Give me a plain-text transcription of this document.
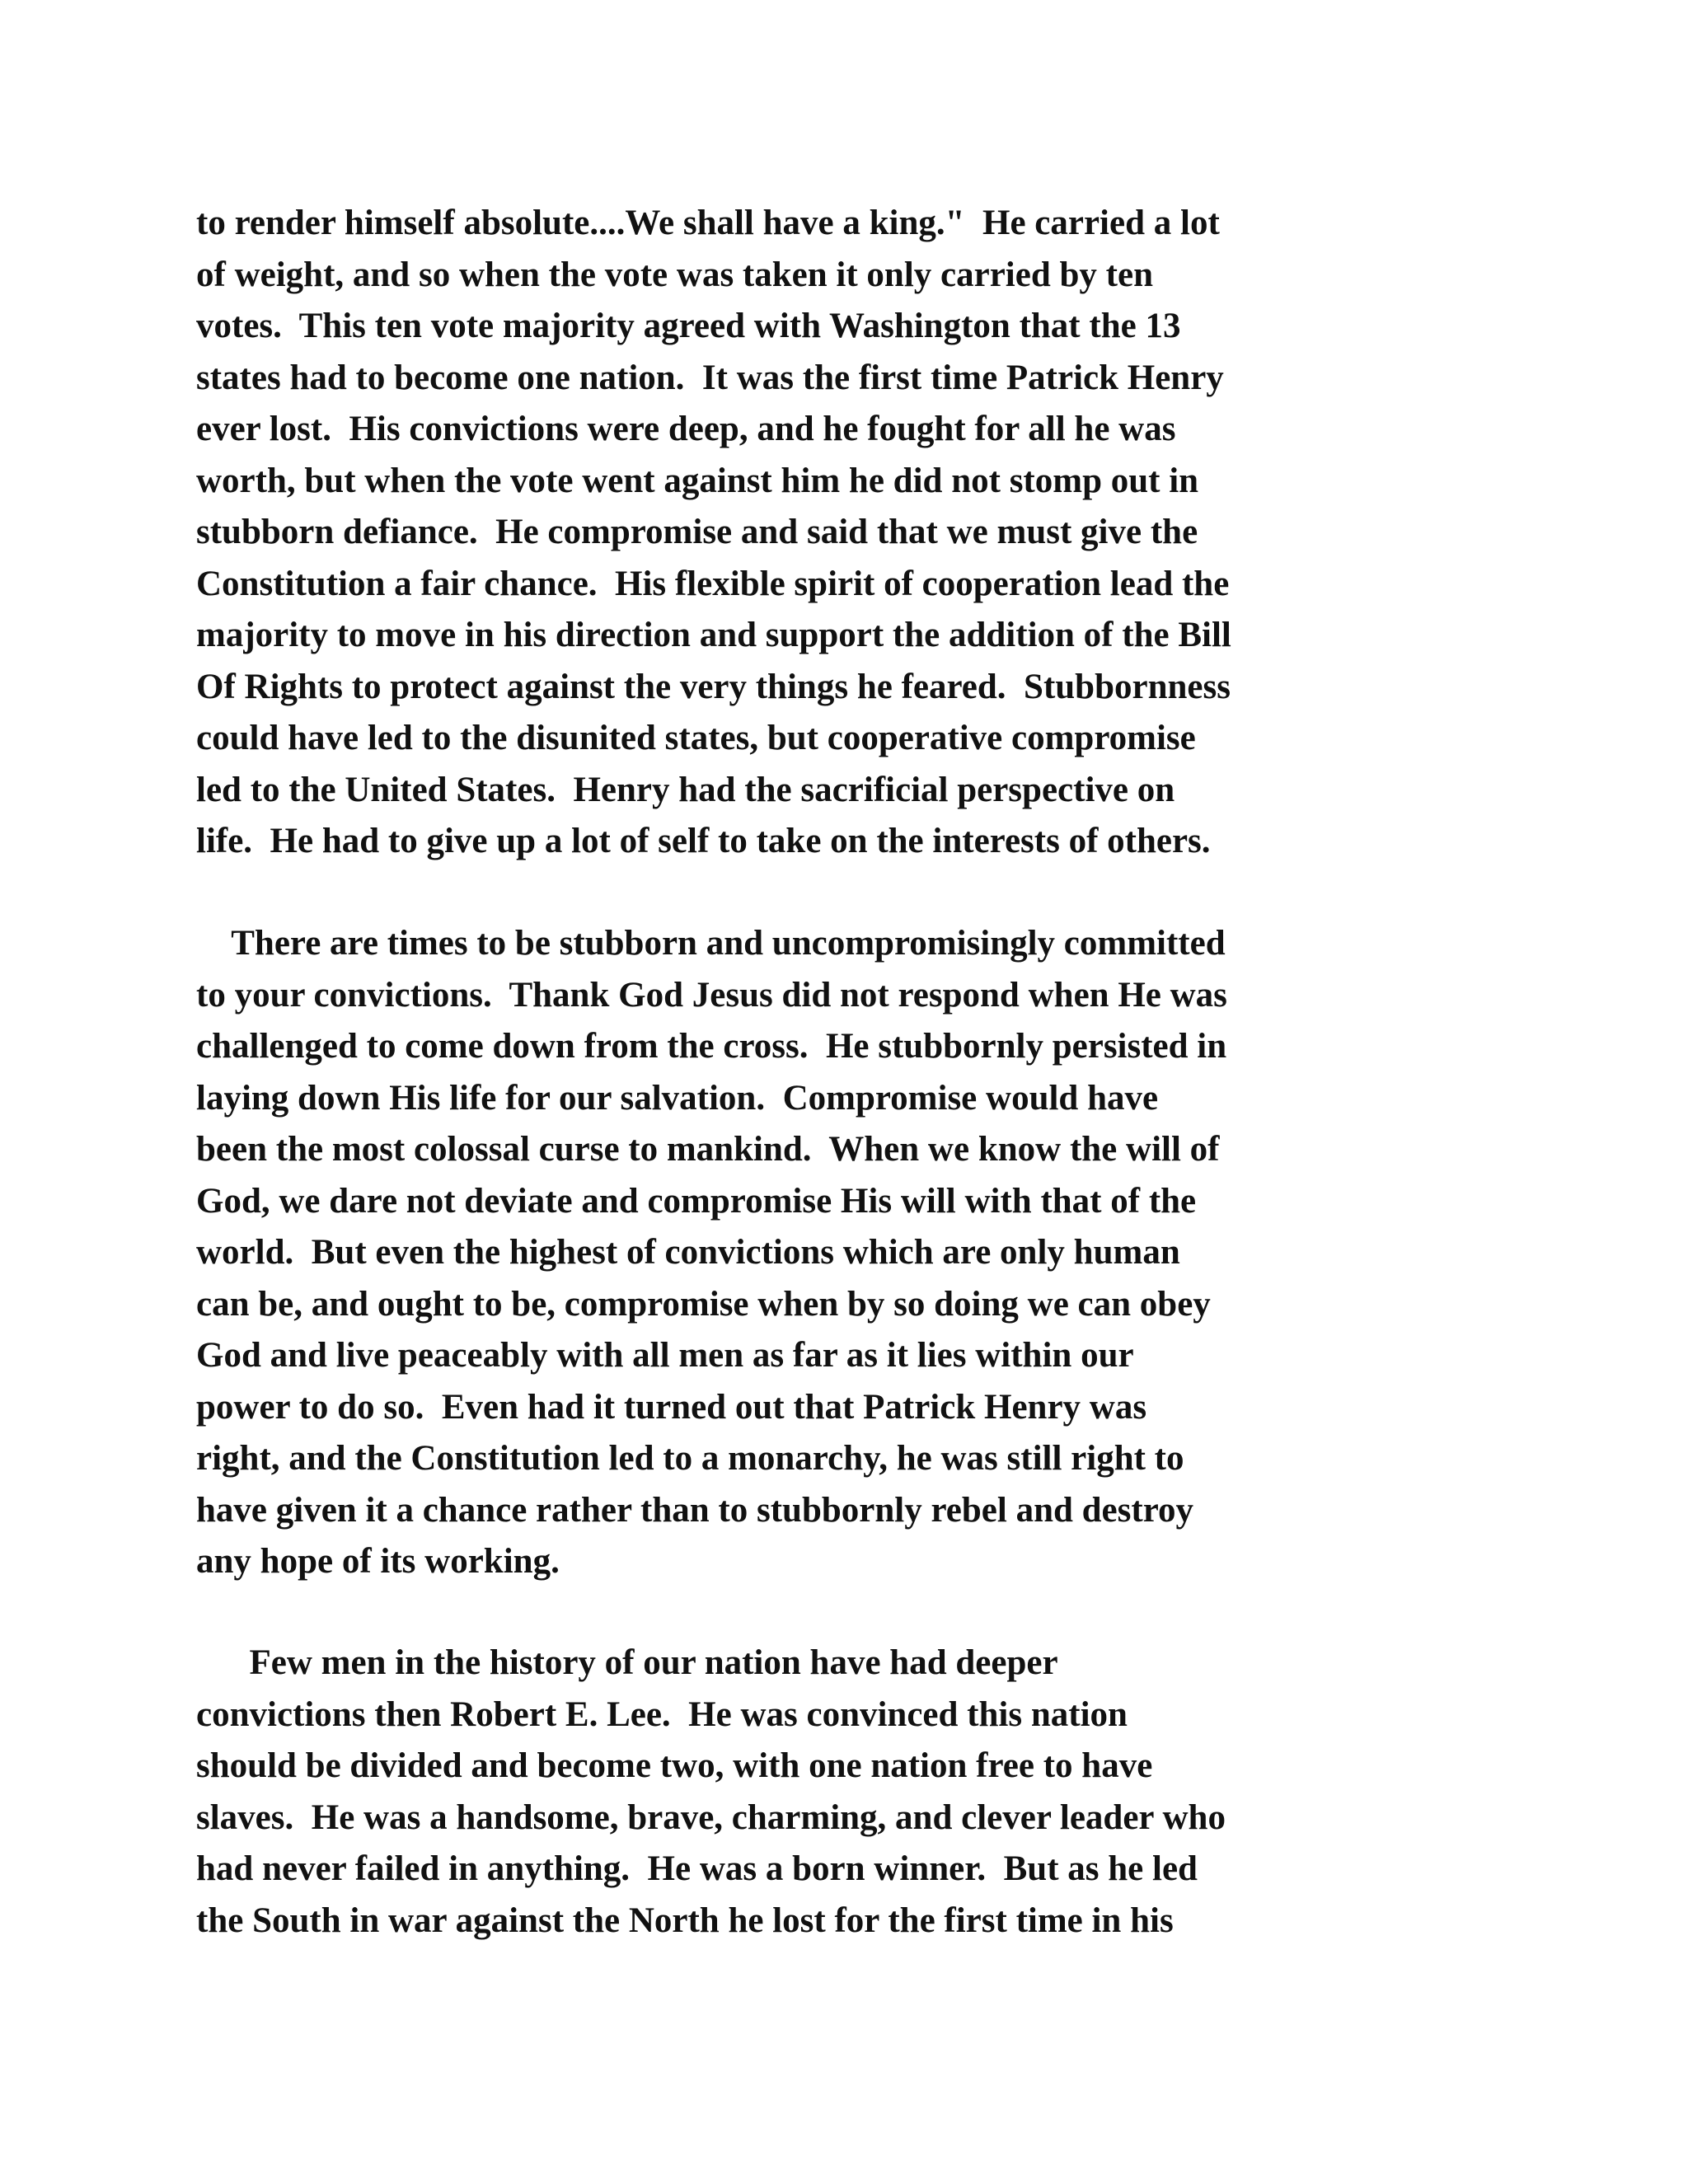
to render himself absolute....We shall have a king."  He carried a lot
of weight, and so when the vote was taken it only carried by ten
votes.  This ten vote majority agreed with Washington that the 13
states had to become one nation.  It was the first time Patrick Henry
ever lost.  His convictions were deep, and he fought for all he was
worth, but when the vote went against him he did not stomp out in
stubborn defiance.  He compromise and said that we must give the
Constitution a fair chance.  His flexible spirit of cooperation lead the
majority to move in his direction and support the addition of the Bill
Of Rights to protect against the very things he feared.  Stubbornness
could have led to the disunited states, but cooperative compromise
led to the United States.  Henry had the sacrificial perspective on
life.  He had to give up a lot of self to take on the interests of others.
There are times to be stubborn and uncompromisingly committed
to your convictions.  Thank God Jesus did not respond when He was
challenged to come down from the cross.  He stubbornly persisted in
laying down His life for our salvation.  Compromise would have
been the most colossal curse to mankind.  When we know the will of
God, we dare not deviate and compromise His will with that of the
world.  But even the highest of convictions which are only human
can be, and ought to be, compromise when by so doing we can obey
God and live peaceably with all men as far as it lies within our
power to do so.  Even had it turned out that Patrick Henry was
right, and the Constitution led to a monarchy, he was still right to
have given it a chance rather than to stubbornly rebel and destroy
any hope of its working.
Few men in the history of our nation have had deeper
convictions then Robert E. Lee.  He was convinced this nation
should be divided and become two, with one nation free to have
slaves.  He was a handsome, brave, charming, and clever leader who
had never failed in anything.  He was a born winner.  But as he led
the South in war against the North he lost for the first time in his
